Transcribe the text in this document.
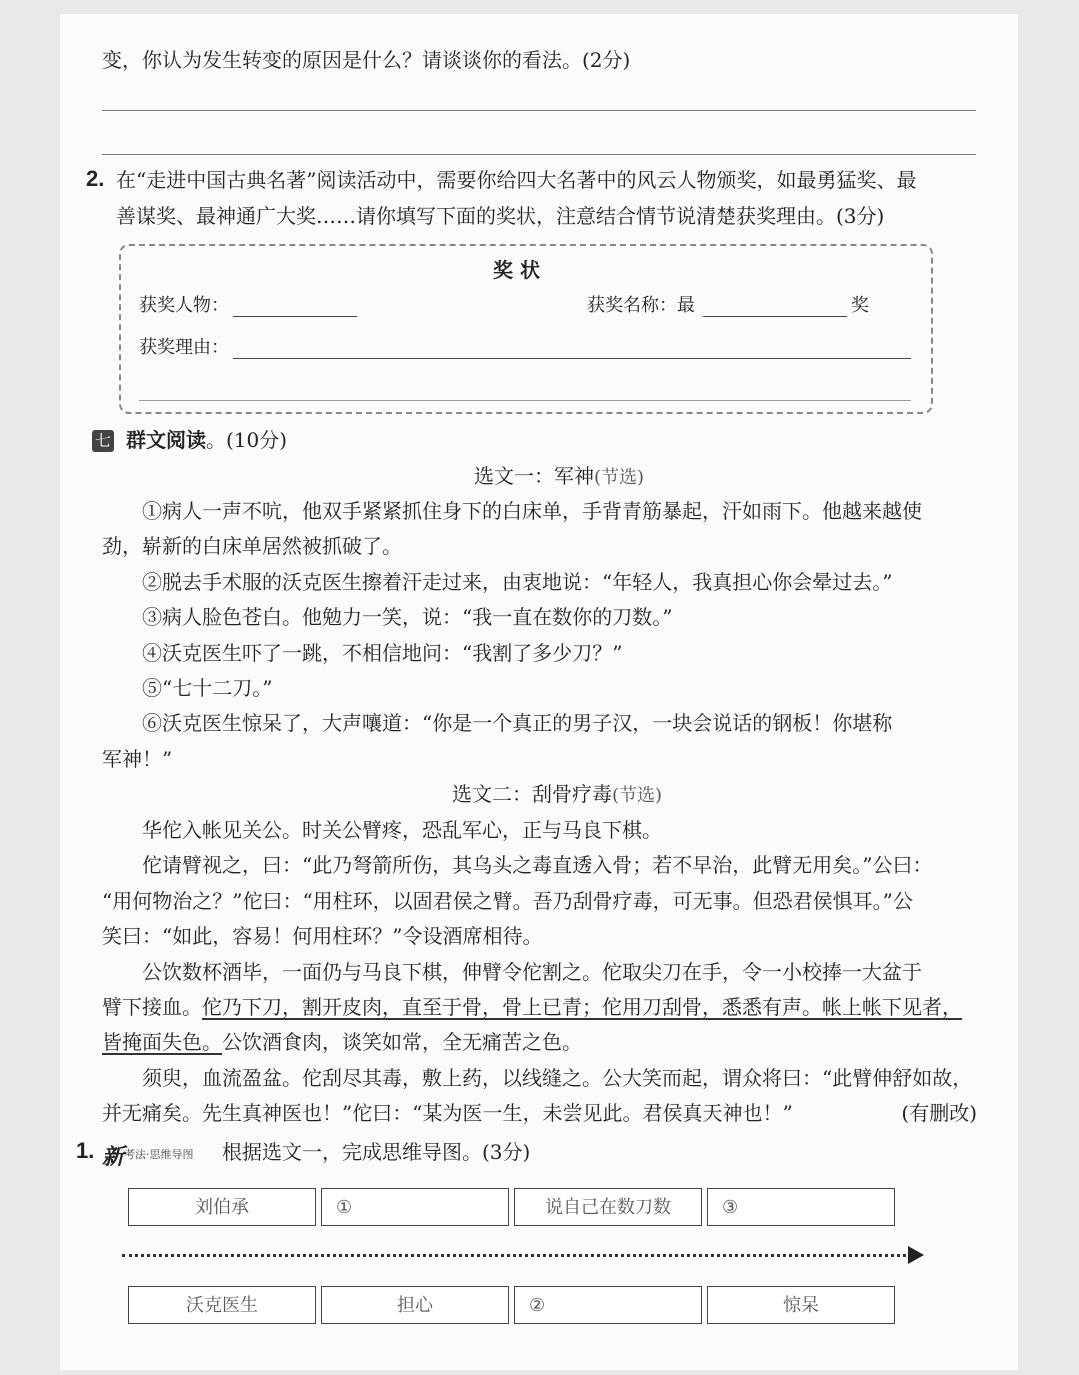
变，你认为发生转变的原因是什么？请谈谈你的看法。(2分)
2. 在“走进中国古典名著”阅读活动中，需要你给四大名著中的风云人物颁奖，如最勇猛奖、最
善谋奖、最神通广大奖……请你填写下面的奖状，注意结合情节说清楚获奖理由。(3分)
奖 状
获奖人物：	获奖名称：最	奖
获奖理由：
七 群文阅读。(10分)
选文一：军神(节选)

①病人一声不吭，他双手紧紧抓住身下的白床单，手背青筋暴起，汗如雨下。他越来越使

劲，崭新的白床单居然被抓破了。

②脱去手术服的沃克医生擦着汗走过来，由衷地说：“年轻人，我真担心你会晕过去。”

③病人脸色苍白。他勉力一笑，说：“我一直在数你的刀数。”

④沃克医生吓了一跳，不相信地问：“我割了多少刀？”

⑤“七十二刀。”

⑥沃克医生惊呆了，大声嚷道：“你是一个真正的男子汉，一块会说话的钢板！你堪称

军神！”

选文二：刮骨疗毒(节选)

华佗入帐见关公。时关公臂疼，恐乱军心，正与马良下棋。

佗请臂视之，曰：“此乃弩箭所伤，其乌头之毒直透入骨；若不早治，此臂无用矣。”公曰：

“用何物治之？”佗曰：“用柱环，以固君侯之臂。吾乃刮骨疗毒，可无事。但恐君侯惧耳。”公

笑曰：“如此，容易！何用柱环？”令设酒席相待。

公饮数杯酒毕，一面仍与马良下棋，伸臂令佗割之。佗取尖刀在手，令一小校捧一大盆于

臂下接血。佗乃下刀，割开皮肉，直至于骨，骨上已青；佗用刀刮骨，悉悉有声。帐上帐下见者，

皆掩面失色。公饮酒食肉，谈笑如常，全无痛苦之色。

须臾，血流盈盆。佗刮尽其毒，敷上药，以线缝之。公大笑而起，谓众将曰：“此臂伸舒如故，

并无痛矣。先生真神医也！”佗曰：“某为医一生，未尝见此。君侯真天神也！”	(有删改)

1. 新 考法·思维导图 根据选文一，完成思维导图。(3分)
刘伯承	①	说自己在数刀数	③
沃克医生	担心	②	惊呆
